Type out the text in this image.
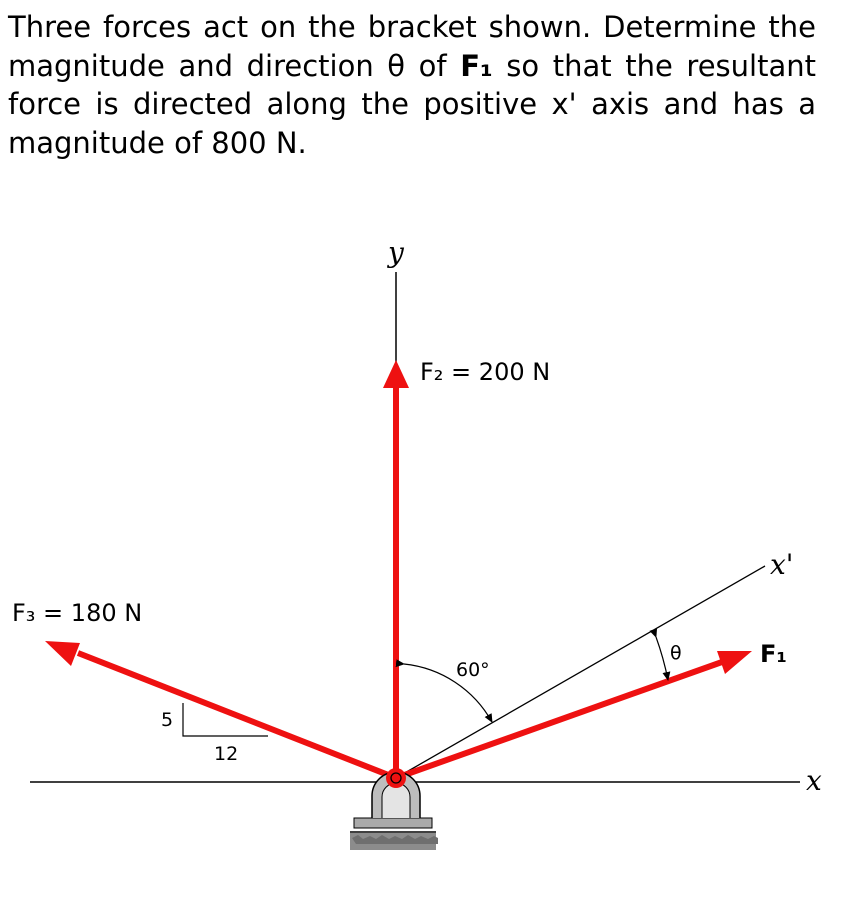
Three forces act on the bracket shown. Determine the magnitude and direction θ of F₁ so that the resultant force is directed along the positive x' axis and has a magnitude of 800 N.

y
x
x'
F₂ = 200 N
F₃ = 180 N
F₁
60°
θ
5
12
